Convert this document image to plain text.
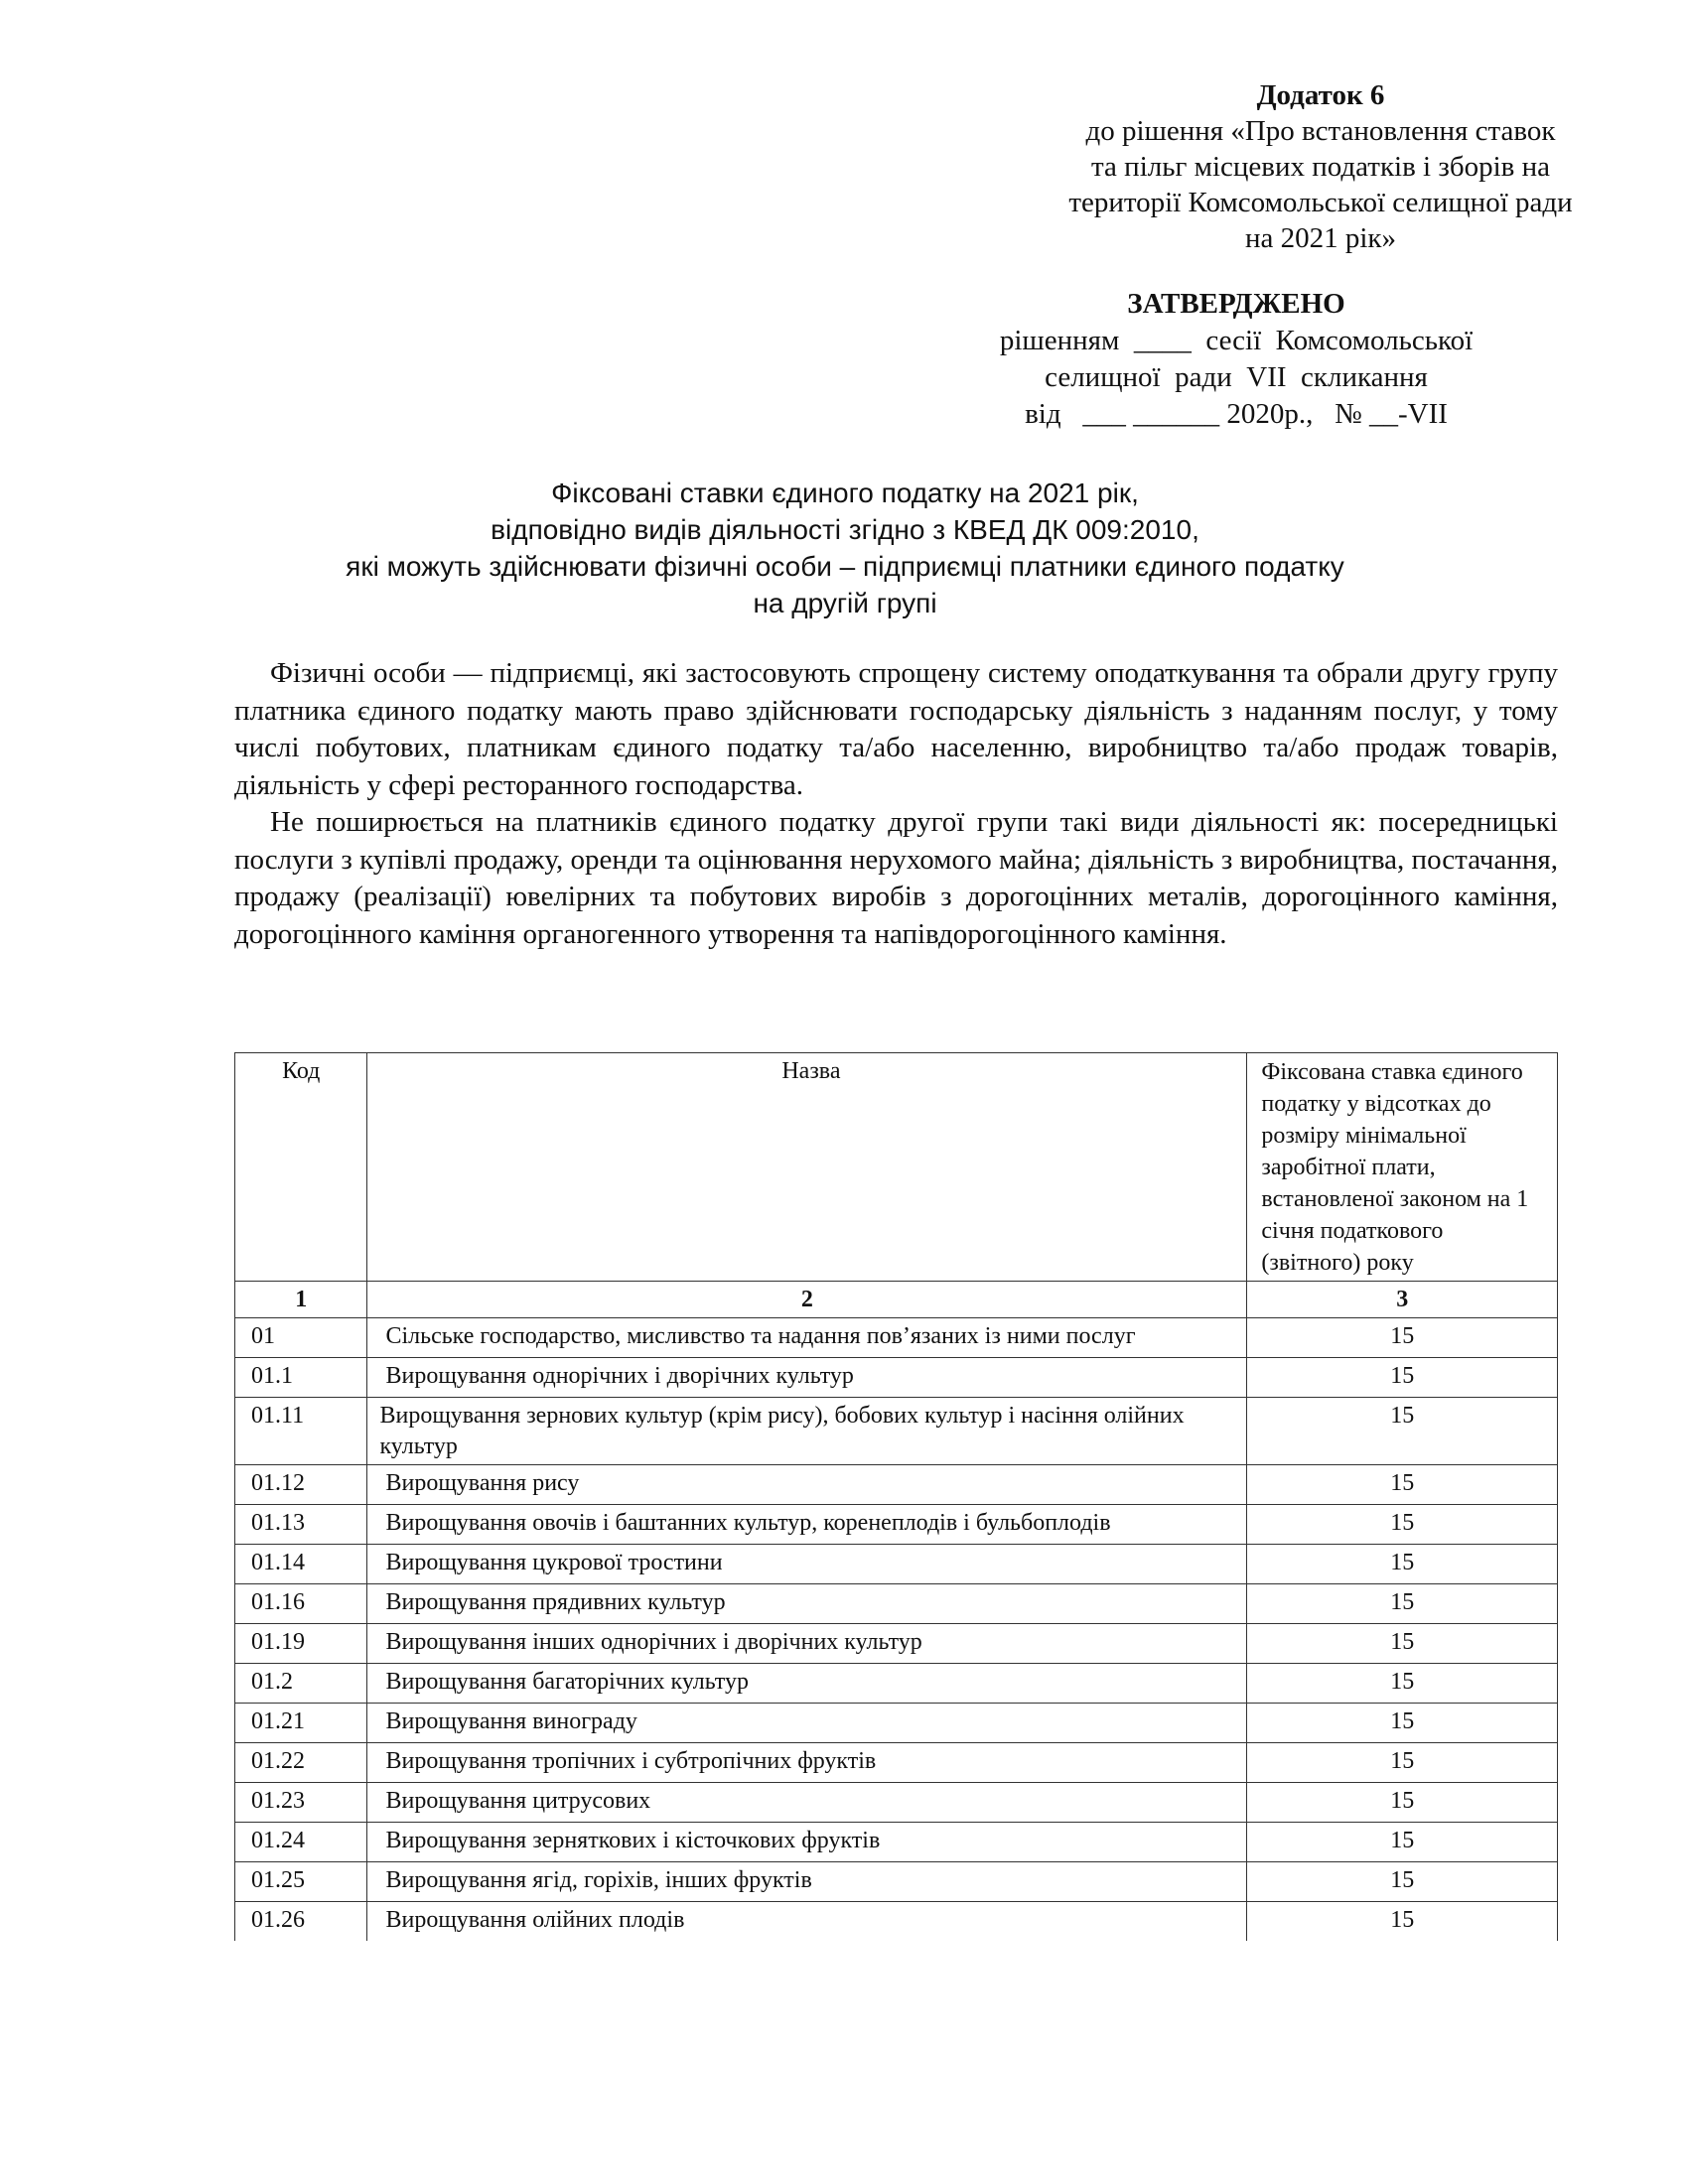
Додаток 6
до рішення «Про встановлення ставок
та пільг місцевих податків і зборів на
території Комсомольської селищної ради
на 2021 рік»
ЗАТВЕРДЖЕНО
рішенням  ____  сесії  Комсомольської
селищної  ради  VII  скликання
від   ___ ______ 2020р.,   № __-VII
Фіксовані ставки єдиного податку на 2021 рік,
відповідно видів діяльності згідно з КВЕД ДК 009:2010,
які можуть здійснювати фізичні особи – підприємці платники єдиного податку
на другій групі

Фізичні особи — підприємці, які застосовують спрощену систему оподаткування та обрали другу групу платника єдиного податку мають право здійснювати господарську діяльність з наданням послуг, у тому числі побутових, платникам єдиного податку та/або населенню, виробництво та/або продаж товарів, діяльність у сфері ресторанного господарства.

Не поширюється на платників єдиного податку другої групи такі види діяльності як: посередницькі послуги з купівлі продажу, оренди та оцінювання нерухомого майна; діяльність з виробництва, постачання, продажу (реалізації) ювелірних та побутових виробів з дорогоцінних металів, дорогоцінного каміння, дорогоцінного каміння органогенного утворення та напівдорогоцінного каміння.

Код	Назва	Фіксована ставка єдиного податку у відсотках до розміру мінімальної заробітної плати, встановленої законом на 1 січня податкового (звітного) року
1	2	3
01	Сільське господарство, мисливство та надання пов’язаних із ними послуг	15
01.1	Вирощування однорічних і дворічних культур	15
01.11	Вирощування зернових культур (крім рису), бобових культур і насіння олійних культур	15
01.12	Вирощування рису	15
01.13	Вирощування овочів і баштанних культур, коренеплодів і бульбоплодів	15
01.14	Вирощування цукрової тростини	15
01.16	Вирощування прядивних культур	15
01.19	Вирощування інших однорічних і дворічних культур	15
01.2	Вирощування багаторічних культур	15
01.21	Вирощування винограду	15
01.22	Вирощування тропічних і субтропічних фруктів	15
01.23	Вирощування цитрусових	15
01.24	Вирощування зерняткових і кісточкових фруктів	15
01.25	Вирощування ягід, горіхів, інших фруктів	15
01.26	Вирощування олійних плодів	15
